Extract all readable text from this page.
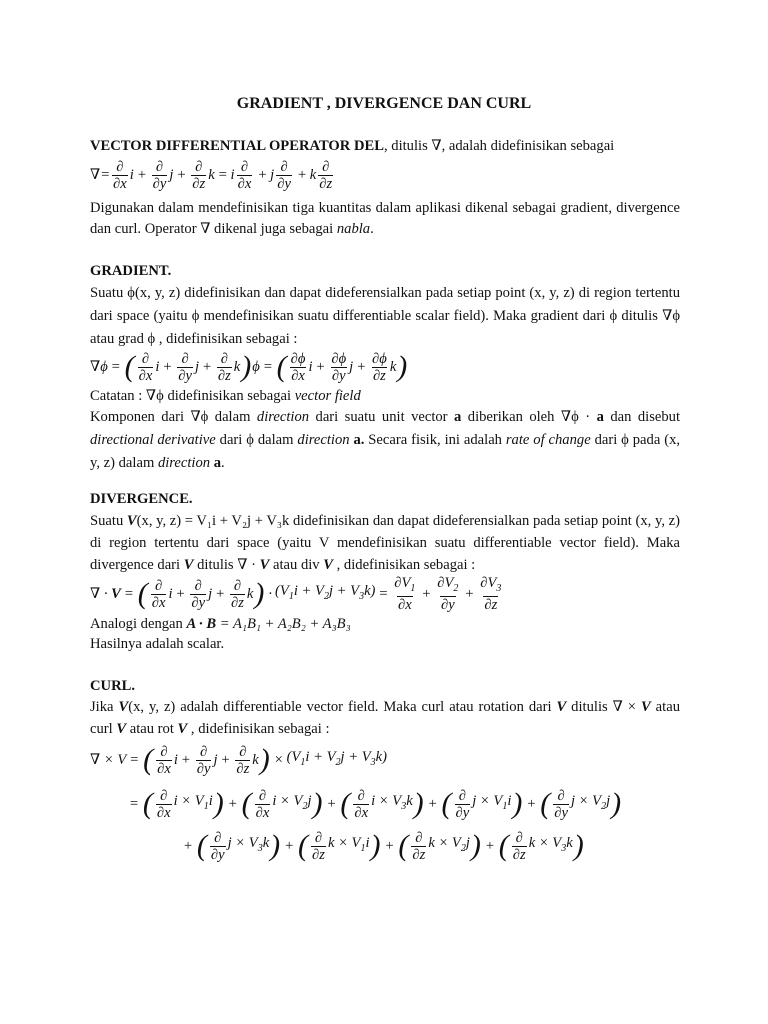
GRADIENT , DIVERGENCE DAN CURL
VECTOR DIFFERENTIAL OPERATOR DEL, ditulis ∇, adalah didefinisikan sebagai
∇= $\frac{\partial}{\partial x}$ $i + \frac{\partial}{\partial y}$ $j + \frac{\partial}{\partial z}$ k = i $\frac{\partial}{\partial x} + j \frac{\partial}{\partial y} + k \frac{\partial}{\partial z}$
Digunakan dalam mendefinisikan tiga kuantitas dalam aplikasi dikenal sebagai gradient, divergence dan curl. Operator ∇ dikenal juga sebagai nabla.
GRADIENT.
Suatu ϕ(x, y, z) didefinisikan dan dapat dideferensialkan pada setiap point (x, y, z) di region tertentu dari space (yaitu ϕ mendefinisikan suatu differentiable scalar field). Maka gradient dari ϕ ditulis ∇ϕ atau grad ϕ , didefinisikan sebagai :
∇ϕ = ( $\frac{\partial}{\partial x}$ $i + \frac{\partial}{\partial y}$ $j + \frac{\partial}{\partial z}$ k ) ϕ = ( $\frac{\partial\phi}{\partial x}$ $i + \frac{\partial\phi}{\partial y}$ $j + \frac{\partial\phi}{\partial z}$ k )
Catatan : ∇ϕ didefinisikan sebagai vector field
Komponen dari ∇ϕ dalam direction dari suatu unit vector a diberikan oleh ∇ϕ · a dan disebut directional derivative dari ϕ dalam direction a. Secara fisik, ini adalah rate of change dari ϕ pada (x, y, z) dalam direction a.
DIVERGENCE.
Suatu V(x, y, z) = V₁i + V₂j + V₃k didefinisikan dan dapat dideferensialkan pada setiap point (x, y, z) di region tertentu dari space (yaitu V mendefinisikan suatu differentiable vector field). Maka divergence dari V ditulis ∇ · V atau div V , didefinisikan sebagai :
∇ · V = ( $\frac{\partial}{\partial x}$ $i + \frac{\partial}{\partial y}$ $j + \frac{\partial}{\partial z}$ k ) · $(V_1i + V_2j + V_3k) = \frac{\partial V_1}{\partial x} + \frac{\partial V_2}{\partial y} + \frac{\partial V_3}{\partial z}$
Analogi dengan A · B = A₁B₁ + A₂B₂ + A₃B₃
Hasilnya adalah scalar.
CURL.
Jika V(x, y, z) adalah differentiable vector field. Maka curl atau rotation dari V ditulis ∇ × V atau curl V atau rot V , didefinisikan sebagai :
∇ × V = ( $\frac{\partial}{\partial x}$ $i + \frac{\partial}{\partial y}$ $j + \frac{\partial}{\partial z}$ k ) × $(V_1i + V_2j + V_3k)$
= ( $\frac{\partial}{\partial x}$ $i \times V_1i$ ) + ( $\frac{\partial}{\partial x}$ $i \times V_2j$ ) + ( $\frac{\partial}{\partial x}$ $i \times V_3k$ ) + ( $\frac{\partial}{\partial y}$ $j \times V_1i$ ) + ( $\frac{\partial}{\partial y}$ $j \times V_2j$ )
+ ( $\frac{\partial}{\partial y}$ $j \times V_3k$ ) + ( $\frac{\partial}{\partial z}$ $k \times V_1i$ ) + ( $\frac{\partial}{\partial z}$ $k \times V_2j$ ) + ( $\frac{\partial}{\partial z}$ $k \times V_3k$ )
